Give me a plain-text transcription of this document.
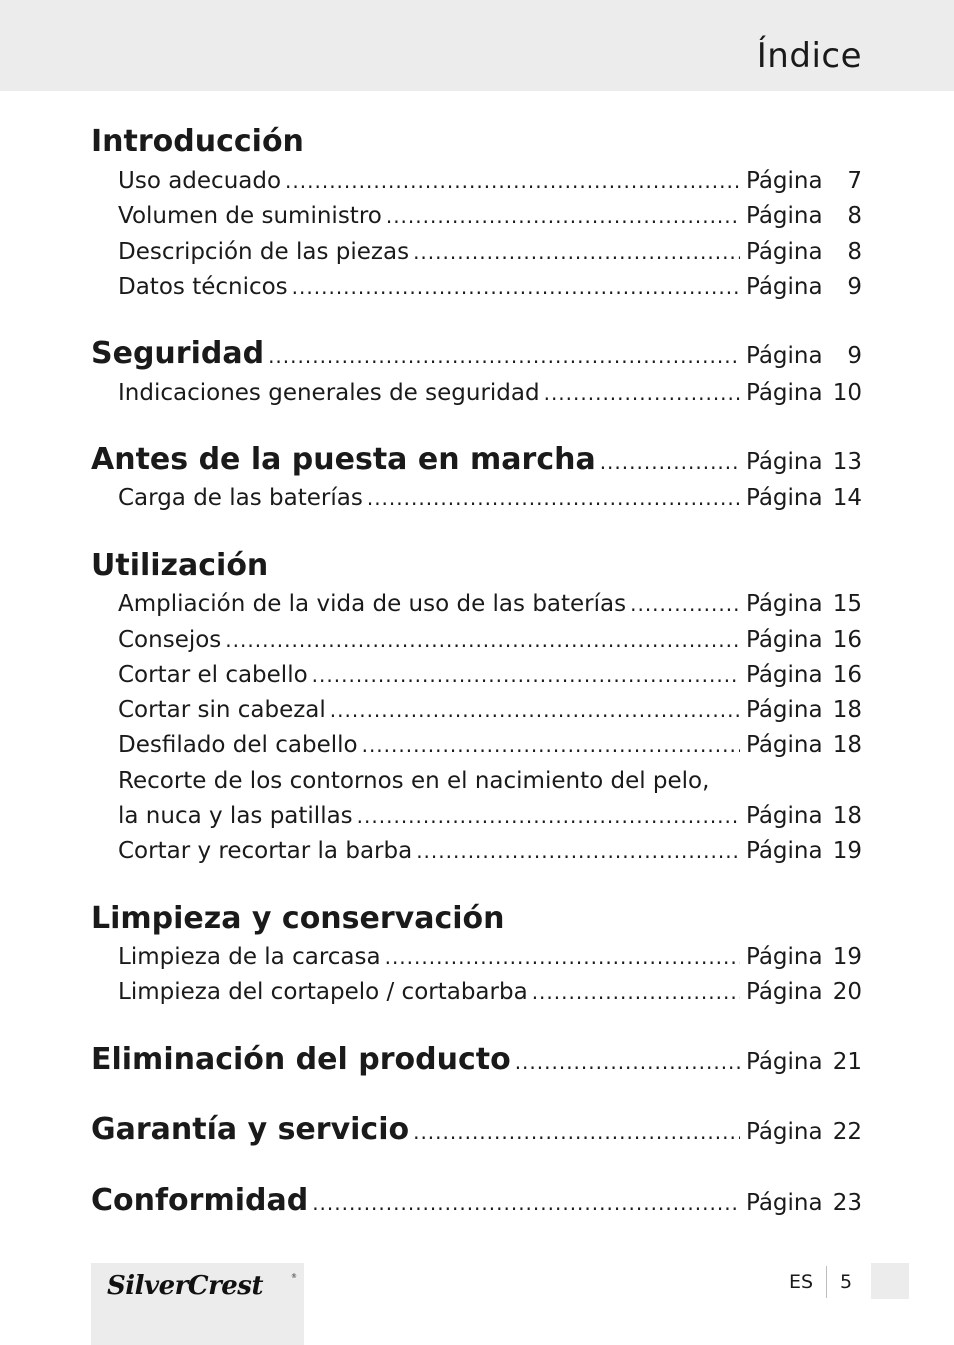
Índice
Introducción
Uso adecuado .....	Página	7
Volumen de suministro .....	Página	8
Descripción de las piezas .....	Página	8
Datos técnicos .....	Página	9
Seguridad .....	Página	9
Indicaciones generales de seguridad .....	Página 10
Antes de la puesta en marcha .....	Página 13
Carga de las baterías .....	Página 14
Utilización
Ampliación de la vida de uso de las baterías .....	Página 15
Consejos .....	Página 16
Cortar el cabello .....	Página 16
Cortar sin cabezal .....	Página 18
Desfilado del cabello .....	Página 18
Recorte de los contornos en el nacimiento del pelo,
la nuca y las patillas .....	Página 18
Cortar y recortar la barba .....	Página 19
Limpieza y conservación
Limpieza de la carcasa .....	Página 19
Limpieza del cortapelo / cortabarba .....	Página 20
Eliminación del producto .....	Página 21
Garantía y servicio .....	Página 22
Conformidad .....	Página 23
SilverCrest	®	ES 5
